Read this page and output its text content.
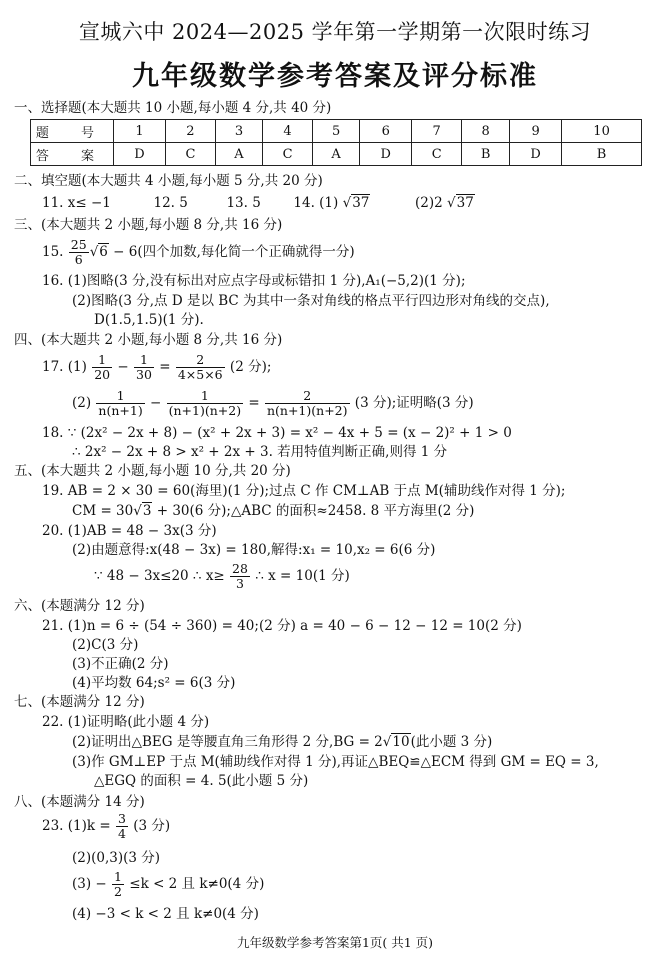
宣城六中 2024—2025 学年第一学期第一次限时练习
九年级数学参考答案及评分标准
一、选择题(本大题共 10 小题,每小题 4 分,共 40 分)
题 号	1	2	3	4	5	6	7	8	9	10
答 案	D	C	A	C	A	D	C	B	D	B
二、填空题(本大题共 4 小题,每小题 5 分,共 20 分)
11. x≤ −1	12. 5	13. 5 14. (1) √37	(2)2 √37
三、(本大题共 2 小题,每小题 8 分,共 16 分)
15. $\frac{25}{6} √6 - 6$(四个加数,每化简一个正确就得一分)
16. (1)图略(3 分,没有标出对应点字母或标错扣 1 分),A₁(−5,2)(1 分);
(2)图略(3 分,点 D 是以 BC 为其中一条对角线的格点平行四边形对角线的交点),
D(1.5,1.5)(1 分).
四、(本大题共 2 小题,每小题 8 分,共 16 分)
17. $(1) \frac{1}{20} - \frac{1}{30} = \frac{2}{4\times 5\times 6} (2$ 分);
$(2) \frac{1}{n(n+1)} - \frac{1}{(n+1)(n+2)} = \frac{2}{n(n+1)(n+2)} (3$ 分);证明略(3 分)
18. ∵ (2x² − 2x + 8) − (x² + 2x + 3) = x² − 4x + 5 = (x − 2)² + 1 > 0
∴ 2x² − 2x + 8 > x² + 2x + 3. 若用特值判断正确,则得 1 分
五、(本大题共 2 小题,每小题 10 分,共 20 分)
19. AB = 2 × 30 = 60(海里)(1 分);过点 C 作 CM⊥AB 于点 M(辅助线作对得 1 分);
CM = 30√3 + 30(6 分);△ABC 的面积≈2458. 8 平方海里(2 分)
20. (1)AB = 48 − 3x(3 分)
(2)由题意得:x(48 − 3x) = 180,解得:x₁ = 10,x₂ = 6(6 分)
∵ 48 − 3x≤20 ∴ $x\ge \frac{28}{3}$ ∴ x = 10(1 分)
六、(本题满分 12 分)
21. (1)n = 6 ÷ (54 ÷ 360) = 40;(2 分) a = 40 − 6 − 12 − 12 = 10(2 分)
(2)C(3 分)
(3)不正确(2 分)
(4)平均数 64;s² = 6(3 分)
七、(本题满分 12 分)
22. (1)证明略(此小题 4 分)
(2)证明出△BEG 是等腰直角三角形得 2 分,BG = 2√10(此小题 3 分)
(3)作 GM⊥EP 于点 M(辅助线作对得 1 分),再证△BEQ≌△ECM 得到 GM = EQ = 3,
△EGQ 的面积 = 4. 5(此小题 5 分)
八、(本题满分 14 分)
23. $(1)k = \frac{3}{4} (3$ 分)
(2)(0,3)(3 分)
$(3) - \frac{1}{2} \le k < 2$ 且 k≠0(4 分)
(4) −3 < k < 2 且 k≠0(4 分)
九年级数学参考答案第1页( 共1 页)
